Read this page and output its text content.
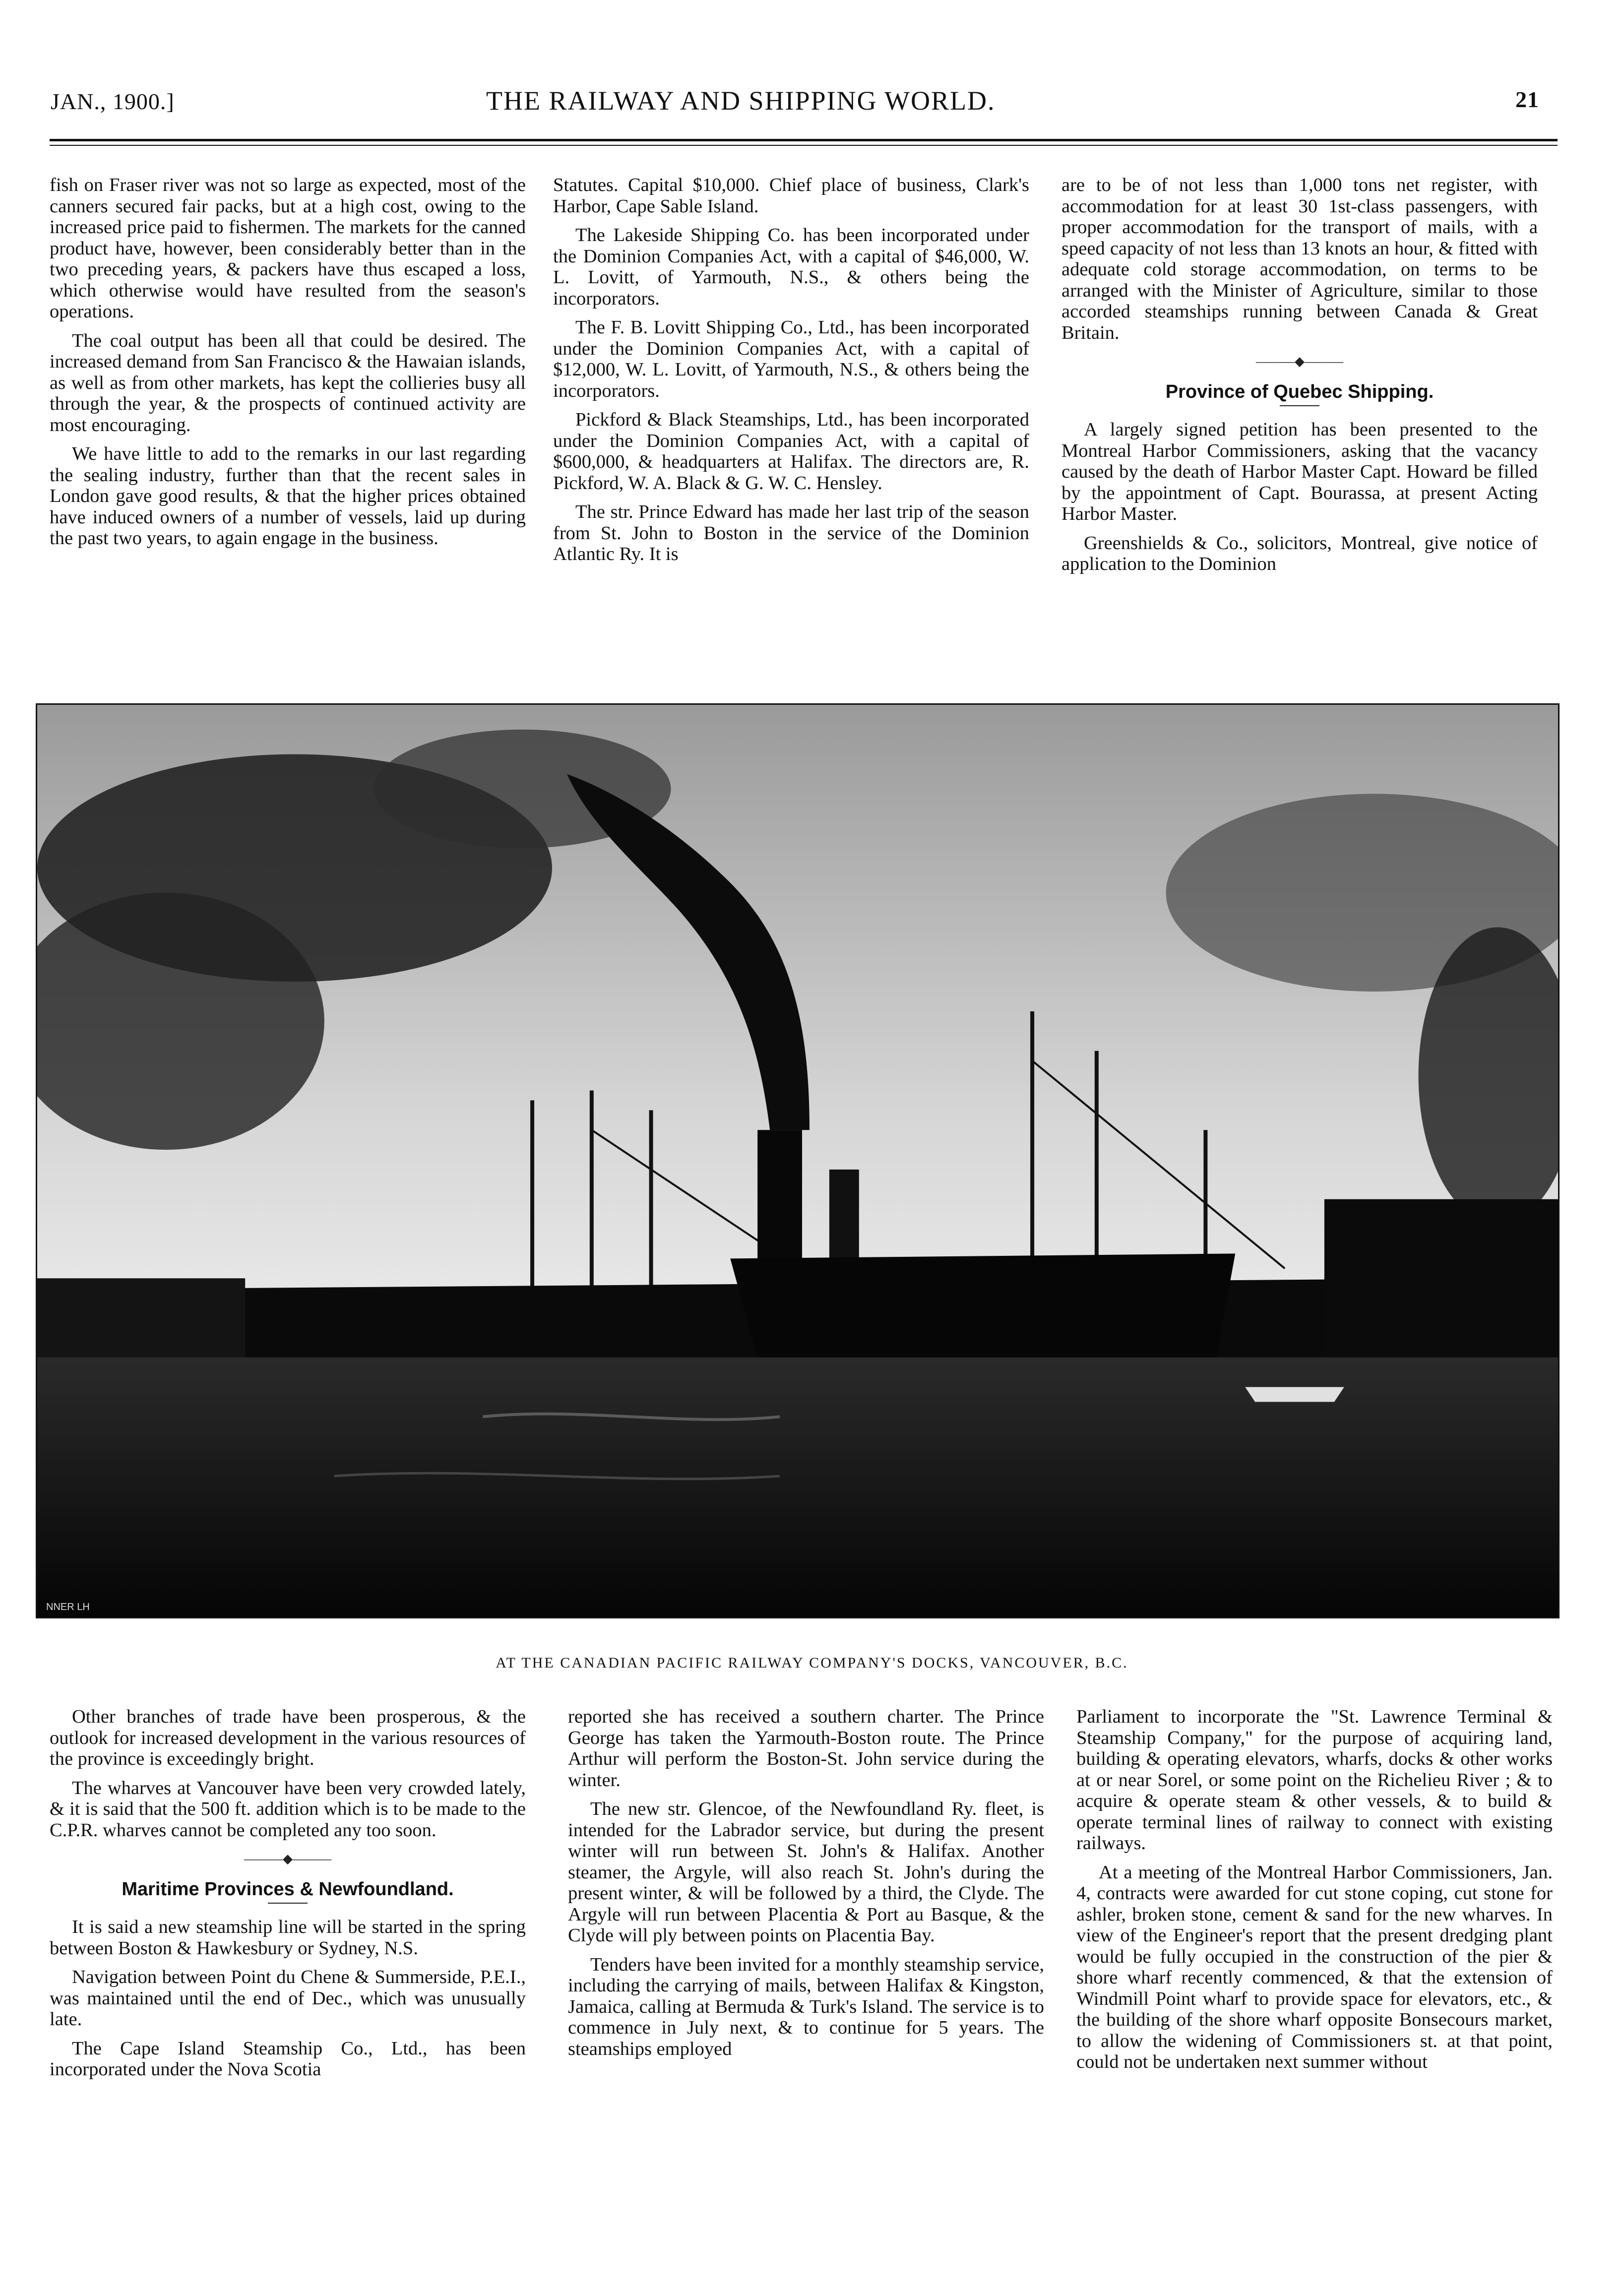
JAN., 1900.]	THE RAILWAY AND SHIPPING WORLD.	21

fish on Fraser river was not so large as expected, most of the canners secured fair packs, but at a high cost, owing to the increased price paid to fishermen. The markets for the canned product have, however, been considerably better than in the two preceding years, & packers have thus escaped a loss, which otherwise would have resulted from the season's operations.

The coal output has been all that could be desired. The increased demand from San Francisco & the Hawaian islands, as well as from other markets, has kept the collieries busy all through the year, & the prospects of continued activity are most encouraging.

We have little to add to the remarks in our last regarding the sealing industry, further than that the recent sales in London gave good results, & that the higher prices obtained have induced owners of a number of vessels, laid up during the past two years, to again engage in the business.

Statutes. Capital $10,000. Chief place of business, Clark's Harbor, Cape Sable Island.

The Lakeside Shipping Co. has been incorporated under the Dominion Companies Act, with a capital of $46,000, W. L. Lovitt, of Yarmouth, N.S., & others being the incorporators.

The F. B. Lovitt Shipping Co., Ltd., has been incorporated under the Dominion Companies Act, with a capital of $12,000, W. L. Lovitt, of Yarmouth, N.S., & others being the incorporators.

Pickford & Black Steamships, Ltd., has been incorporated under the Dominion Companies Act, with a capital of $600,000, & headquarters at Halifax. The directors are, R. Pickford, W. A. Black & G. W. C. Hensley.

The str. Prince Edward has made her last trip of the season from St. John to Boston in the service of the Dominion Atlantic Ry. It is

are to be of not less than 1,000 tons net register, with accommodation for at least 30 1st-class passengers, with proper accommodation for the transport of mails, with a speed capacity of not less than 13 knots an hour, & fitted with adequate cold storage accommodation, on terms to be arranged with the Minister of Agriculture, similar to those accorded steamships running between Canada & Great Britain.

———◆———
Province of Quebec Shipping.

A largely signed petition has been presented to the Montreal Harbor Commissioners, asking that the vacancy caused by the death of Harbor Master Capt. Howard be filled by the appointment of Capt. Bourassa, at present Acting Harbor Master.

Greenshields & Co., solicitors, Montreal, give notice of application to the Dominion

NNER LH
AT THE CANADIAN PACIFIC RAILWAY COMPANY'S DOCKS, VANCOUVER, B.C.

Other branches of trade have been prosperous, & the outlook for increased development in the various resources of the province is exceedingly bright.

The wharves at Vancouver have been very crowded lately, & it is said that the 500 ft. addition which is to be made to the C.P.R. wharves cannot be completed any too soon.

———◆———
Maritime Provinces & Newfoundland.

It is said a new steamship line will be started in the spring between Boston & Hawkesbury or Sydney, N.S.

Navigation between Point du Chene & Summerside, P.E.I., was maintained until the end of Dec., which was unusually late.

The Cape Island Steamship Co., Ltd., has been incorporated under the Nova Scotia

reported she has received a southern charter. The Prince George has taken the Yarmouth-Boston route. The Prince Arthur will perform the Boston-St. John service during the winter.

The new str. Glencoe, of the Newfoundland Ry. fleet, is intended for the Labrador service, but during the present winter will run between St. John's & Halifax. Another steamer, the Argyle, will also reach St. John's during the present winter, & will be followed by a third, the Clyde. The Argyle will run between Placentia & Port au Basque, & the Clyde will ply between points on Placentia Bay.

Tenders have been invited for a monthly steamship service, including the carrying of mails, between Halifax & Kingston, Jamaica, calling at Bermuda & Turk's Island. The service is to commence in July next, & to continue for 5 years. The steamships employed

Parliament to incorporate the "St. Lawrence Terminal & Steamship Company," for the purpose of acquiring land, building & operating elevators, wharfs, docks & other works at or near Sorel, or some point on the Richelieu River ; & to acquire & operate steam & other vessels, & to build & operate terminal lines of railway to connect with existing railways.

At a meeting of the Montreal Harbor Commissioners, Jan. 4, contracts were awarded for cut stone coping, cut stone for ashler, broken stone, cement & sand for the new wharves. In view of the Engineer's report that the present dredging plant would be fully occupied in the construction of the pier & shore wharf recently commenced, & that the extension of Windmill Point wharf to provide space for elevators, etc., & the building of the shore wharf opposite Bonsecours market, to allow the widening of Commissioners st. at that point, could not be undertaken next summer without
